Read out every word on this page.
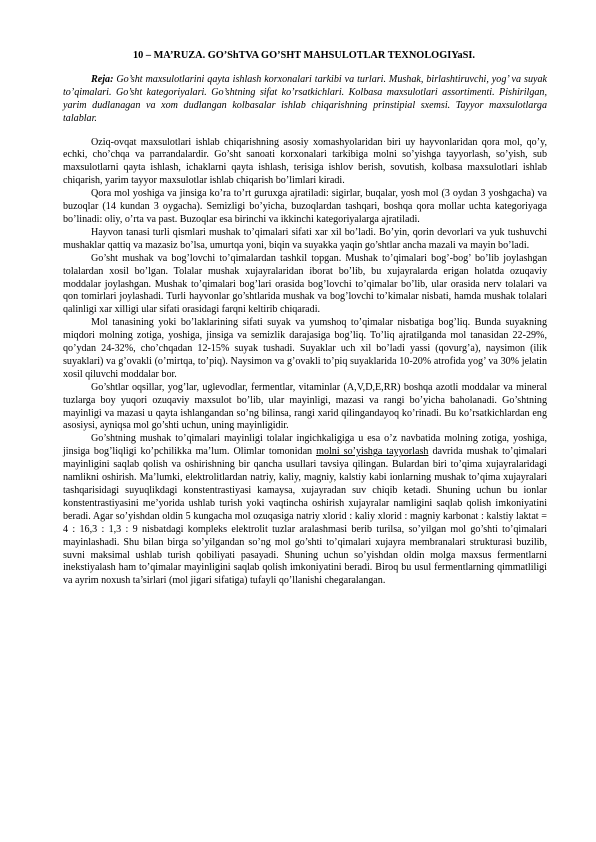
10 – MA’RUZA. GO’ShTVA GO’SHT MAHSULOTLAR TEXNOLOGIYaSI.
Reja: Go’sht maxsulotlarini qayta ishlash korxonalari tarkibi va turlari. Mushak, birlashtiruvchi, yog’ va suyak to’qimalari. Go’sht kategoriyalari. Go’shtning sifat ko’rsatkichlari. Kolbasa maxsulotlari assortimenti. Pishirilgan, yarim dudlanagan va xom dudlangan kolbasalar ishlab chiqarishning prinstipial sxemsi. Tayyor maxsulotlarga talablar.

Oziq-ovqat maxsulotlari ishlab chiqarishning asosiy xomashyolaridan biri uy hayvonlaridan qora mol, qo’y, echki, cho’chqa va parrandalardir. Go’sht sanoati korxonalari tarkibiga molni so’yishga tayyorlash, so’yish, sub maxsulotlarni qayta ishlash, ichaklarni qayta ishlash, terisiga ishlov berish, sovutish, kolbasa maxsulotlari ishlab chiqarish, yarim tayyor maxsulotlar ishlab chiqarish bo’limlari kiradi.

Qora mol yoshiga va jinsiga ko’ra to’rt guruxga ajratiladi: sigirlar, buqalar, yosh mol (3 oydan 3 yoshgacha) va buzoqlar (14 kundan 3 oygacha). Semizligi bo’yicha, buzoqlardan tashqari, boshqa qora mollar uchta kategoriyaga bo’linadi: oliy, o’rta va past. Buzoqlar esa birinchi va ikkinchi kategoriyalarga ajratiladi.

Hayvon tanasi turli qismlari mushak to’qimalari sifati xar xil bo’ladi. Bo’yin, qorin devorlari va yuk tushuvchi mushaklar qattiq va mazasiz bo’lsa, umurtqa yoni, biqin va suyakka yaqin go’shtlar ancha mazali va mayin bo’ladi.

Go’sht mushak va bog’lovchi to’qimalardan tashkil topgan. Mushak to’qimalari bog’-bog’ bo’lib joylashgan tolalardan xosil bo’lgan. Tolalar mushak xujayralaridan iborat bo’lib, bu xujayralarda erigan holatda ozuqaviy moddalar joylashgan. Mushak to’qimalari bog’lari orasida bog’lovchi to’qimalar bo’lib, ular orasida nerv tolalari va qon tomirlari joylashadi. Turli hayvonlar go’shtlarida mushak va bog’lovchi to’kimalar nisbati, hamda mushak tolalari qalinligi xar xilligi ular sifati orasidagi farqni keltirib chiqaradi.

Mol tanasining yoki bo’laklarining sifati suyak va yumshoq to’qimalar nisbatiga bog’liq. Bunda suyakning miqdori molning zotiga, yoshiga, jinsiga va semizlik darajasiga bog’liq. To’liq ajratilganda mol tanasidan 22-29%, qo’ydan 24-32%, cho’chqadan 12-15% suyak tushadi. Suyaklar uch xil bo’ladi yassi (qovurg’a), naysimon (ilik suyaklari) va g’ovakli (o’mirtqa, to’piq). Naysimon va g’ovakli to’piq suyaklarida 10-20% atrofida yog’ va 30% jelatin xosil qiluvchi moddalar bor.

Go’shtlar oqsillar, yog’lar, uglevodlar, fermentlar, vitaminlar (A,V,D,E,RR) boshqa azotli moddalar va mineral tuzlarga boy yuqori ozuqaviy maxsulot bo’lib, ular mayinligi, mazasi va rangi bo’yicha baholanadi. Go’shtning mayinligi va mazasi u qayta ishlangandan so’ng bilinsa, rangi xarid qilingandayoq ko’rinadi. Bu ko’rsatkichlardan eng asosiysi, ayniqsa mol go’shti uchun, uning mayinligidir.

Go’shtning mushak to’qimalari mayinligi tolalar ingichkaligiga u esa o’z navbatida molning zotiga, yoshiga, jinsiga bog’liqligi ko’pchilikka ma’lum. Olimlar tomonidan molni so’yishga tayyorlash davrida mushak to’qimalari mayinligini saqlab qolish va oshirishning bir qancha usullari tavsiya qilingan. Bulardan biri to’qima xujayralaridagi namlikni oshirish. Ma’lumki, elektrolitlardan natriy, kaliy, magniy, kalstiy kabi ionlarning mushak to’qima xujayralari tashqarisidagi suyuqlikdagi konstentrastiyasi kamaysa, xujayradan suv chiqib ketadi. Shuning uchun bu ionlar konstentrastiyasini me’yorida ushlab turish yoki vaqtincha oshirish xujayralar namligini saqlab qolish imkoniyatini beradi. Agar so’yishdan oldin 5 kungacha mol ozuqasiga natriy xlorid : kaliy xlorid : magniy karbonat : kalstiy laktat = 4 : 16,3 : 1,3 : 9 nisbatdagi kompleks elektrolit tuzlar aralashmasi berib turilsa, so’yilgan mol go’shti to’qimalari mayinlashadi. Shu bilan birga so’yilgandan so’ng mol go’shti to’qimalari xujayra membranalari strukturasi buzilib, suvni maksimal ushlab turish qobiliyati pasayadi. Shuning uchun so’yishdan oldin molga maxsus fermentlarni inekstiyalash ham to’qimalar mayinligini saqlab qolish imkoniyatini beradi. Biroq bu usul fermentlarning qimmatliligi va ayrim noxush ta’sirlari (mol jigari sifatiga) tufayli qo’llanishi chegaralangan.
